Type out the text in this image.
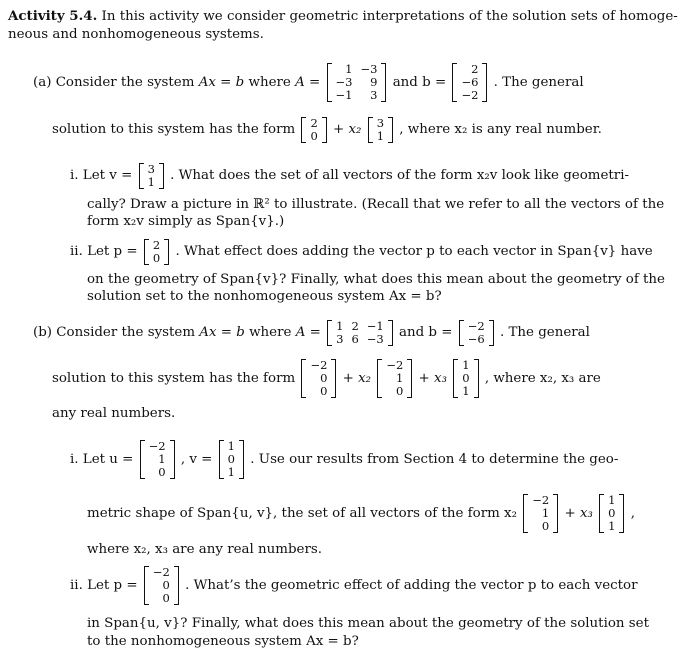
Activity 5.4. In this activity we consider geometric interpretations of the solution sets of homoge-
neous and nonhomogeneous systems.
(a) Consider the system Ax = b where A =
1	−3
−3	9
−1	3
and b =
2
−6
−2
. The general
solution to this system has the form 2
0 + x₂ 3
1 , where x₂ is any real number.
i. Let v = 3
1 . What does the set of all vectors of the form x₂v look like geometri-
cally? Draw a picture in ℝ² to illustrate. (Recall that we refer to all the vectors of the
form x₂v simply as Span{v}.)
ii. Let p = 2
0 . What effect does adding the vector p to each vector in Span{v} have
on the geometry of Span{v}? Finally, what does this mean about the geometry of the
solution set to the nonhomogeneous system Ax = b?
(b) Consider the system Ax = b where A = 1	2	−1
3	6	−3 and b = −2
−6 . The general
solution to this system has the form
−2
0
0
+ x₂
−2
1
0
+ x₃
1
0
1
, where x₂, x₃ are
any real numbers.
i. Let u =
−2
1
0
, v =
1
0
1
. Use our results from Section 4 to determine the geo-
metric shape of Span{u, v}, the set of all vectors of the form x₂
−2
1
0
+ x₃
1
0
1
,
where x₂, x₃ are any real numbers.
ii. Let p =
−2
0
0
. What’s the geometric effect of adding the vector p to each vector
in Span{u, v}? Finally, what does this mean about the geometry of the solution set
to the nonhomogeneous system Ax = b?
